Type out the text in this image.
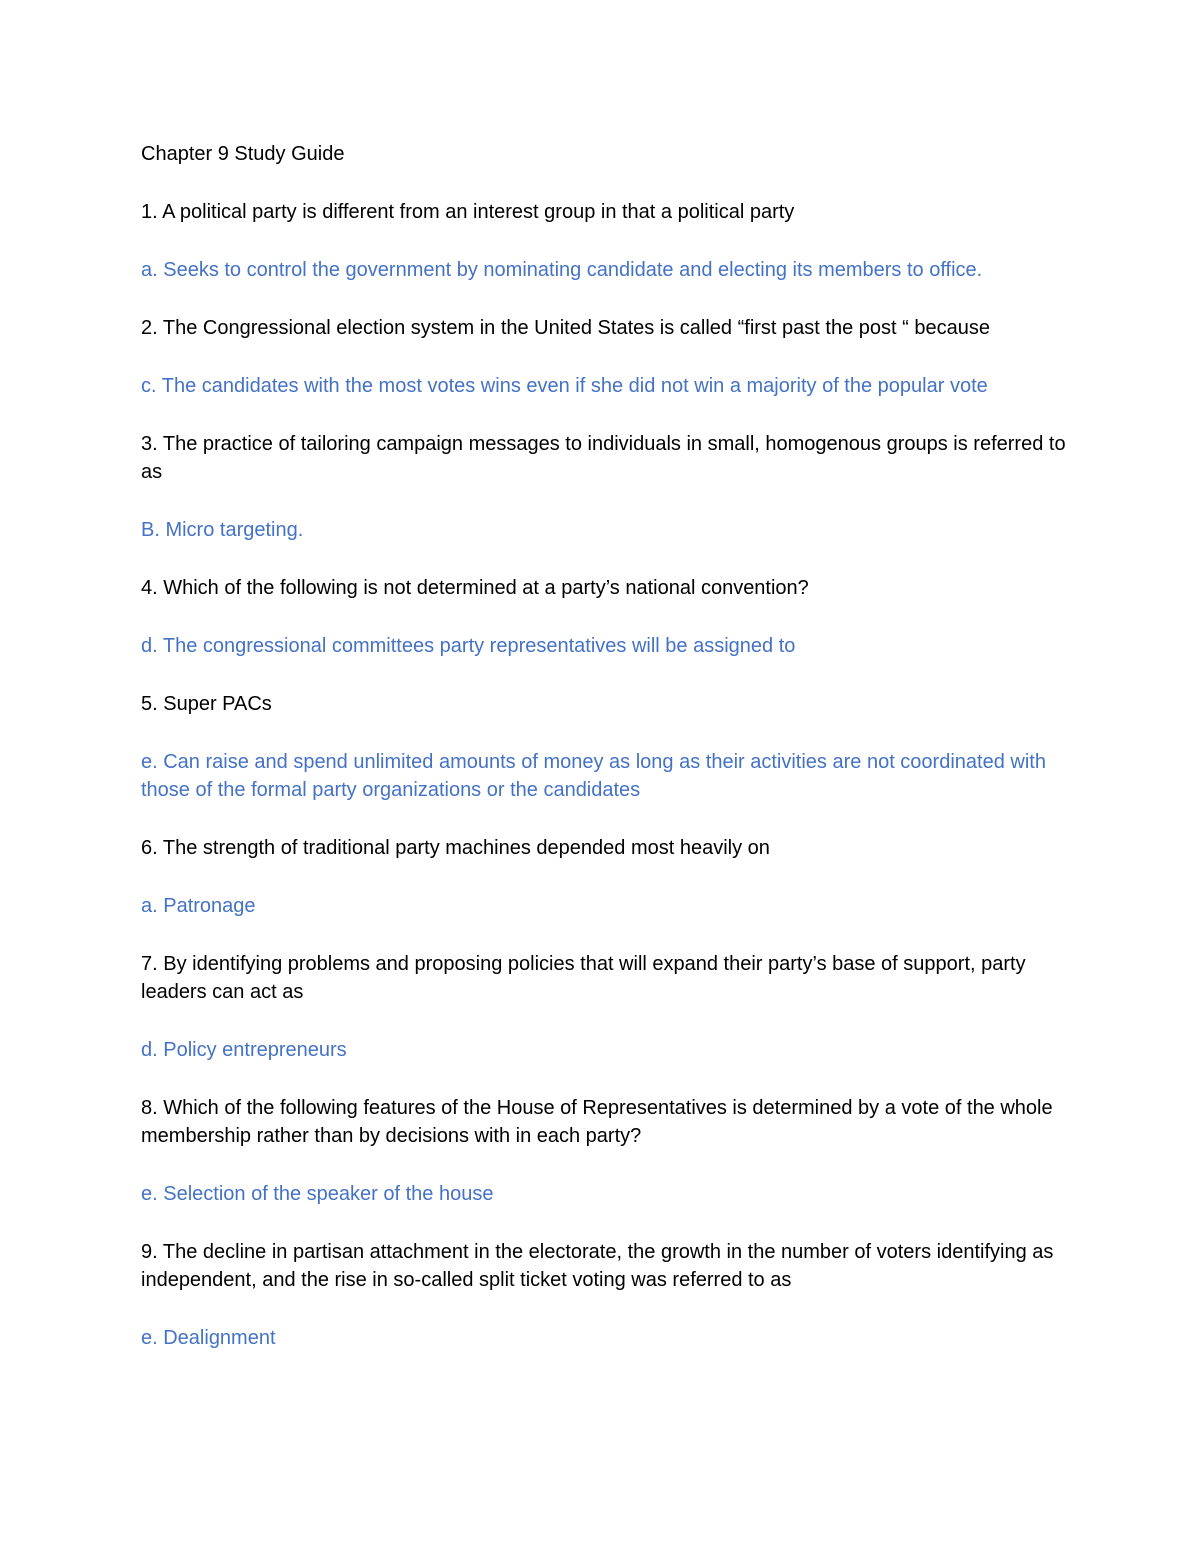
Chapter 9 Study Guide

1. A political party is different from an interest group in that a political party

a. Seeks to control the government by nominating candidate and electing its members to office.

2. The Congressional election system in the United States is called “first past the post “ because

c. The candidates with the most votes wins even if she did not win a majority of the popular vote

3. The practice of tailoring campaign messages to individuals in small, homogenous groups is referred to as

B. Micro targeting.

4. Which of the following is not determined at a party’s national convention?

d. The congressional committees party representatives will be assigned to

5. Super PACs

e. Can raise and spend unlimited amounts of money as long as their activities are not coordinated with those of the formal party organizations or the candidates

6. The strength of traditional party machines depended most heavily on

a. Patronage

7. By identifying problems and proposing policies that will expand their party’s base of support, party leaders can act as

d. Policy entrepreneurs

8. Which of the following features of the House of Representatives is determined by a vote of the whole membership rather than by decisions with in each party?

e. Selection of the speaker of the house

9. The decline in partisan attachment in the electorate, the growth in the number of voters identifying as independent, and the rise in so-called split ticket voting was referred to as

e. Dealignment
